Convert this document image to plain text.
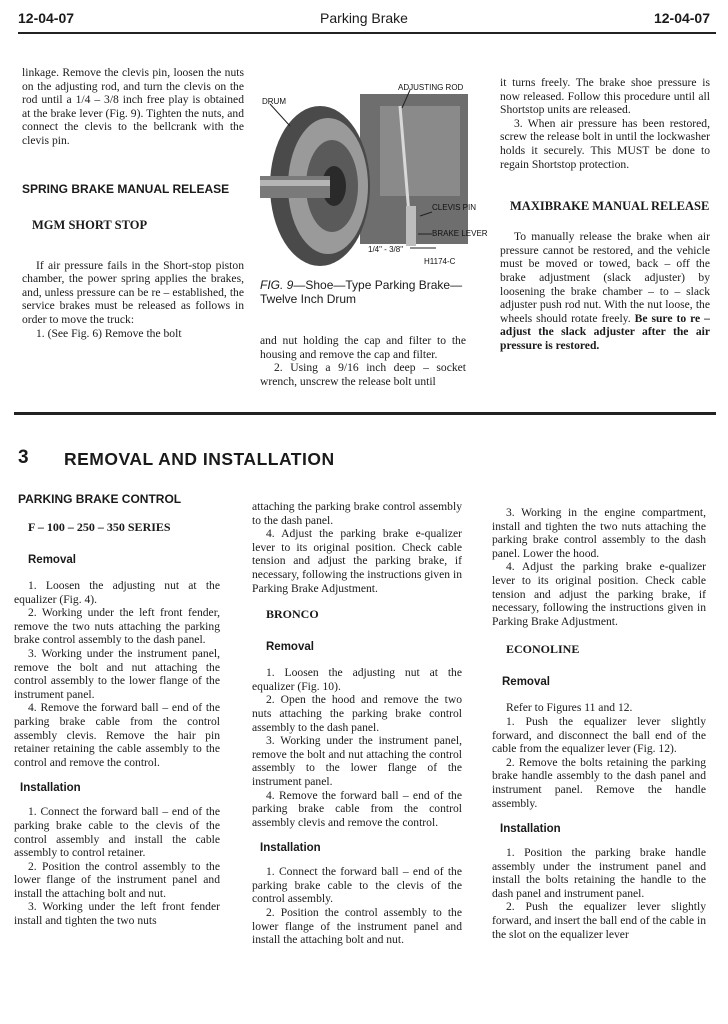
12-04-07	Parking Brake	12-04-07

linkage. Remove the clevis pin, loosen the nuts on the adjusting rod, and turn the clevis on the rod until a 1/4 – 3/8 inch free play is obtained at the brake lever (Fig. 9). Tighten the nuts, and connect the clevis to the bellcrank with the clevis pin.

SPRING BRAKE MANUAL RELEASE
MGM SHORT STOP

If air pressure fails in the Short-stop piston chamber, the power spring applies the brakes, and, unless pressure can be re – established, the service brakes must be released as follows in order to move the truck:

1. (See Fig. 6) Remove the bolt

ADJUSTING ROD
DRUM
CLEVIS PIN
BRAKE LEVER
1/4" - 3/8"
H1174-C
FIG. 9—Shoe—Type Parking Brake—Twelve Inch Drum

and nut holding the cap and filter to the housing and remove the cap and filter.

2. Using a 9/16 inch deep – socket wrench, unscrew the release bolt until

it turns freely. The brake shoe pressure is now released. Follow this procedure until all Shortstop units are released.

3. When air pressure has been restored, screw the release bolt in until the lockwasher holds it securely. This MUST be done to regain Shortstop protection.

MAXIBRAKE MANUAL RELEASE

To manually release the brake when air pressure cannot be restored, and the vehicle must be moved or towed, back – off the brake adjustment (slack adjuster) by loosening the brake chamber – to – slack adjuster push rod nut. With the nut loose, the wheels should rotate freely. Be sure to re – adjust the slack adjuster after the air pressure is restored.

3 REMOVAL AND INSTALLATION
PARKING BRAKE CONTROL
F – 100 – 250 – 350 SERIES
Removal

1. Loosen the adjusting nut at the equalizer (Fig. 4).

2. Working under the left front fender, remove the two nuts attaching the parking brake control assembly to the dash panel.

3. Working under the instrument panel, remove the bolt and nut attaching the control assembly to the lower flange of the instrument panel.

4. Remove the forward ball – end of the parking brake cable from the control assembly clevis. Remove the hair pin retainer retaining the cable assembly to the control and remove the control.

Installation

1. Connect the forward ball – end of the parking brake cable to the clevis of the control assembly and install the cable assembly to control retainer.

2. Position the control assembly to the lower flange of the instrument panel and install the attaching bolt and nut.

3. Working under the left front fender install and tighten the two nuts

attaching the parking brake control assembly to the dash panel.

4. Adjust the parking brake e-qualizer lever to its original position. Check cable tension and adjust the parking brake, if necessary, following the instructions given in Parking Brake Adjustment.

BRONCO
Removal

1. Loosen the adjusting nut at the equalizer (Fig. 10).

2. Open the hood and remove the two nuts attaching the parking brake control assembly to the dash panel.

3. Working under the instrument panel, remove the bolt and nut attaching the control assembly to the lower flange of the instrument panel.

4. Remove the forward ball – end of the parking brake cable from the control assembly clevis and remove the control.

Installation

1. Connect the forward ball – end of the parking brake cable to the clevis of the control assembly.

2. Position the control assembly to the lower flange of the instrument panel and install the attaching bolt and nut.

3. Working in the engine compartment, install and tighten the two nuts attaching the parking brake control assembly to the dash panel. Lower the hood.

4. Adjust the parking brake e-qualizer lever to its original position. Check cable tension and adjust the parking brake, if necessary, following the instructions given in Parking Brake Adjustment.

ECONOLINE
Removal

Refer to Figures 11 and 12.

1. Push the equalizer lever slightly forward, and disconnect the ball end of the cable from the equalizer lever (Fig. 12).

2. Remove the bolts retaining the parking brake handle assembly to the dash panel and instrument panel. Remove the handle assembly.

Installation

1. Position the parking brake handle assembly under the instrument panel and install the bolts retaining the handle to the dash panel and instrument panel.

2. Push the equalizer lever slightly forward, and insert the ball end of the cable in the slot on the equalizer lever
